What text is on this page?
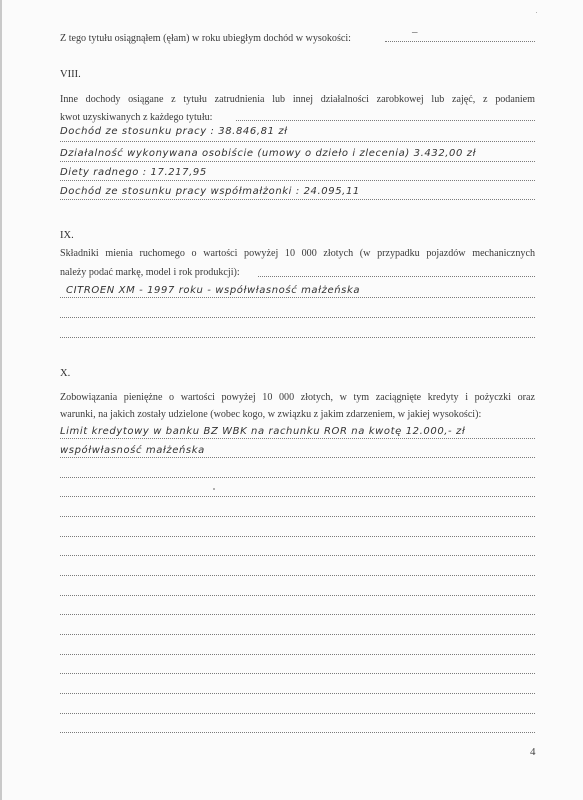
Z tego tytułu osiągnąłem (ęłam) w roku ubiegłym dochód w wysokości:
–
VIII.
Inne dochody osiągane z tytułu zatrudnienia lub innej działalności zarobkowej lub zajęć, z podaniem
kwot uzyskiwanych z każdego tytułu:
Dochód ze stosunku pracy : 38.846,81 zł
Działalność wykonywana osobiście (umowy o dzieło i zlecenia) 3.432,00 zł
Diety radnego : 17.217,95
Dochód ze stosunku pracy współmałżonki : 24.095,11
IX.
Składniki mienia ruchomego o wartości powyżej 10 000 złotych (w przypadku pojazdów mechanicznych
należy podać markę, model i rok produkcji):
CITROEN XM - 1997 roku - współwłasność małżeńska
X.
Zobowiązania pieniężne o wartości powyżej 10 000 złotych, w tym zaciągnięte kredyty i pożyczki oraz
warunki, na jakich zostały udzielone (wobec kogo, w związku z jakim zdarzeniem, w jakiej wysokości):
Limit kredytowy w banku BZ WBK na rachunku ROR na kwotę 12.000,- zł
współwłasność małżeńska
4
